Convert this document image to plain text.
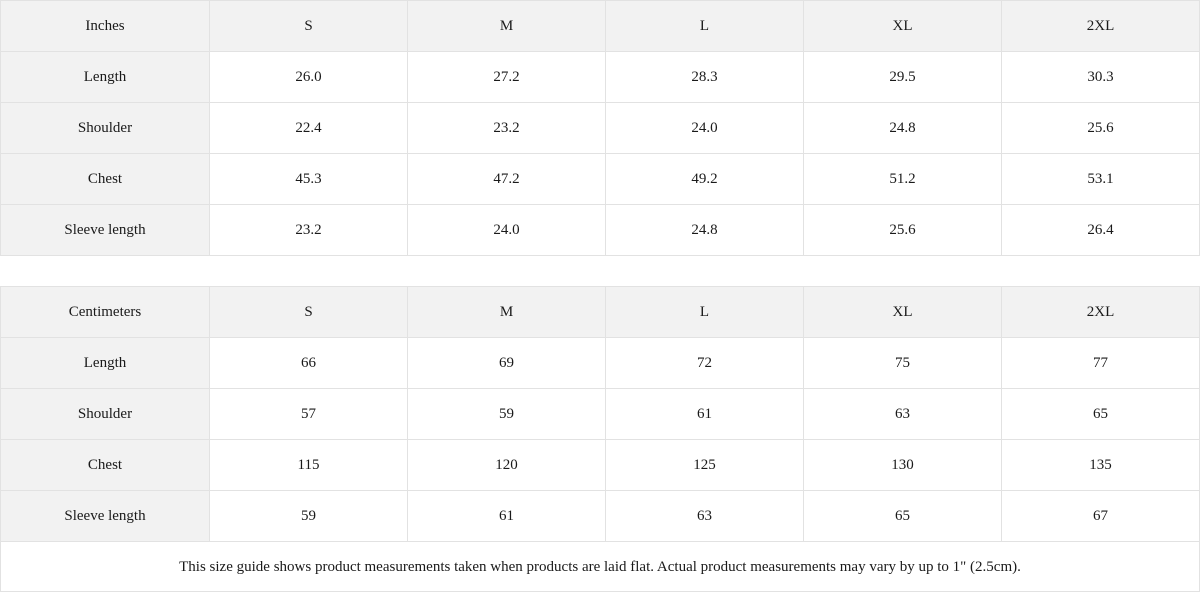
Inches	S	M	L	XL	2XL
Length	26.0	27.2	28.3	29.5	30.3
Shoulder	22.4	23.2	24.0	24.8	25.6
Chest	45.3	47.2	49.2	51.2	53.1
Sleeve length	23.2	24.0	24.8	25.6	26.4
Centimeters	S	M	L	XL	2XL
Length	66	69	72	75	77
Shoulder	57	59	61	63	65
Chest	115	120	125	130	135
Sleeve length	59	61	63	65	67
This size guide shows product measurements taken when products are laid flat. Actual product measurements may vary by up to 1" (2.5cm).
